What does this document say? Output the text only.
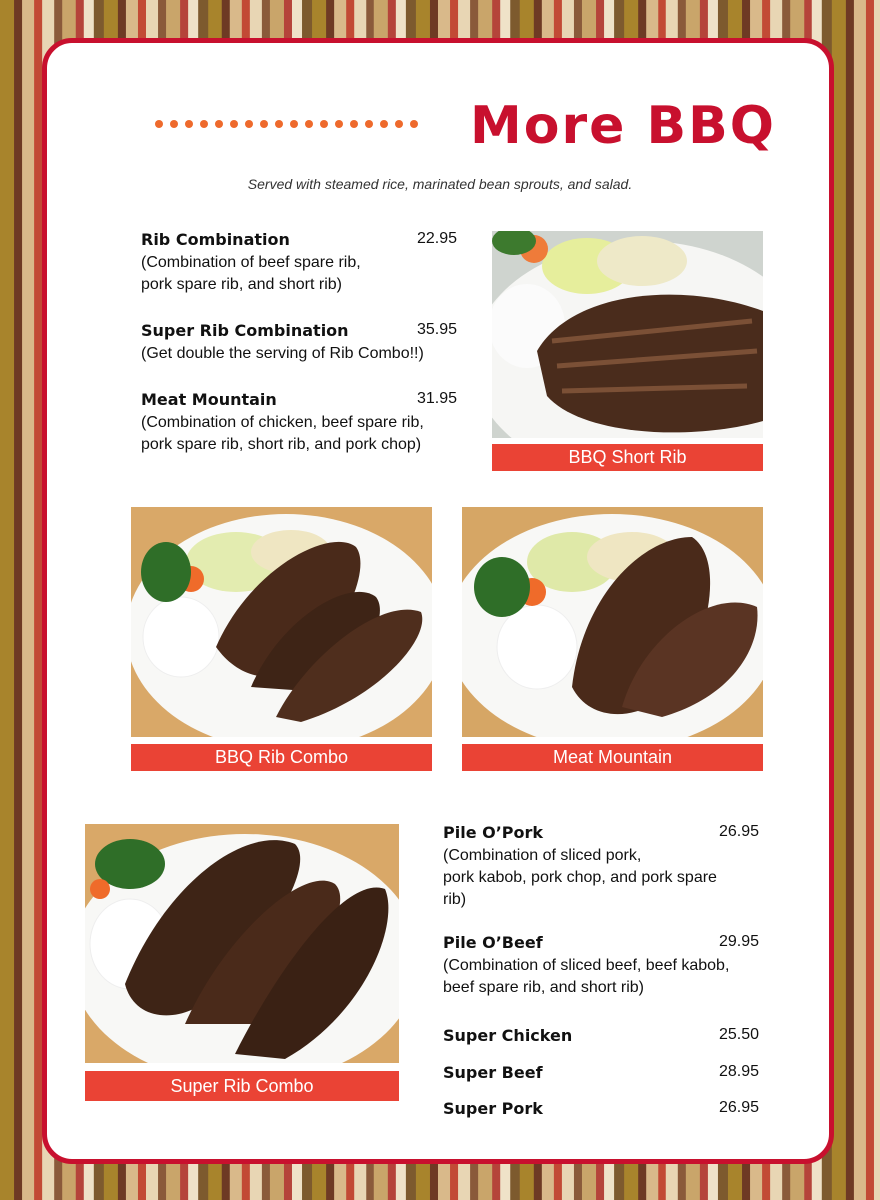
More BBQ
Served with steamed rice, marinated bean sprouts, and salad.
Rib Combination	22.95
(Combination of beef spare rib,
pork spare rib, and short rib)
Super Rib Combination	35.95
(Get double the serving of Rib Combo!!)
Meat Mountain	31.95
(Combination of chicken, beef spare rib,
pork spare rib, short rib, and pork chop)
BBQ Short Rib
BBQ Rib Combo	Meat Mountain
Super Rib Combo
Pile O’Pork	26.95
(Combination of sliced pork,
pork kabob, pork chop, and pork spare
rib)
Pile O’Beef	29.95
(Combination of sliced beef, beef kabob,
beef spare rib, and short rib)
Super Chicken	25.50
Super Beef	28.95
Super Pork	26.95
